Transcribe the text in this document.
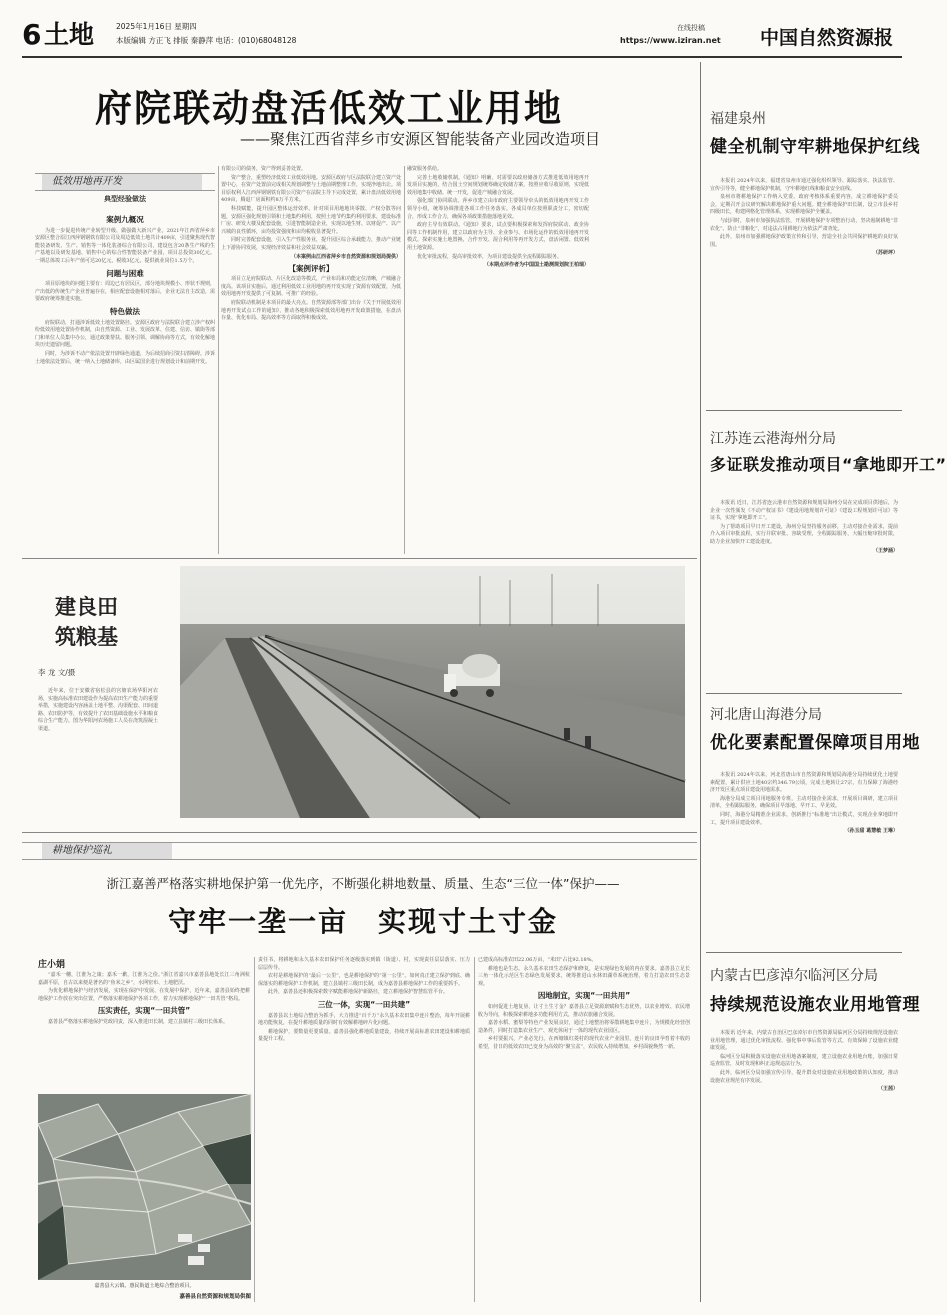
6 土地	2025年1月16日 星期四
本版编辑 方正飞 排版 秦静萍 电话：(010)68048128
在线投稿
https://www.iziran.net 中国自然资源报
府院联动盘活低效工业用地
——聚焦江西省萍乡市安源区智能装备产业园改造项目
低效用地再开发
典型经验做法
案例九概况

为进一步促进传统产业转型升级、做强做大新兴产业，2021年江西省萍乡市安源区整合原江西萍钢钢铁有限公司及周边低效土地共计409亩，引进聚焦现代智能装备研发、生产、销售等一体化装备综合有限公司，建设包含20条生产线的生产基地以及研发基地、销售中心的综合性智能装备产业园，项目总投资30亿元。一期总体竣工后年产值可达20亿元，税收3亿元，提供就业岗位1.5万个。

问题与困难

项目原地块的问题主要有：周边已有居民区，部分地块规模小、形状不规则，产出低的传统生产企业普遍存在，相应配套设施相对落后，企业无法自主改造，需要政府统筹推进实施。

特色做法

府院联动，打通涉诉低效土地处置路径。安源区政府与法院联合建立涉产权纠纷低效用地处置协作机制，由自然资源、工业、发展改革、住建、信访、镇街等部门和单位人员集中办公，通过政策帮扶、服务引领、调解协商等方式，有效化解地块历史遗留问题。

同时，为涉诉不动产依法处置开辟绿色通道，为后续招商引资扫清障碍。涉诉土地依法处置后，统一纳入土地储备库，由区属国企进行规划设计和前期开发。

有限公司的债务，资产得到妥善处置。

资产整合，重塑经济低效工业低效用地。安源区政府与区法院联合建立资产处置中心，在资产处置前完成相关规划调整与土地前期整理工作，实现净地出让。项目原权利人江西萍钢钢铁有限公司资产在法院主导下完成处置，累计盘活低效用地409亩，腾退厂房面积约8万平方米。

科技赋能，提升园区整体运营效率。针对项目用地地块零散、产权分散等问题，安源区强化规划引领和土地集约利用，按照土地节约集约利用要求，建设标准厂房、研发大楼及配套设施，引进智能制造企业，实现以地生财、以财促产、以产兴城的良性循环，亩均投资强度和亩均税收显著提升。

同时完善配套设施，引入生产性服务业，提升园区综合承载能力，推动产业链上下游协同发展，实现经济效益和社会效益双赢。

（本案例由江西省萍乡市自然资源和规划局提供）
【案例评析】

项目立足府院联动、片区化改造等模式，产业布局和功能定位清晰，产城融合度高。该项目实施后，通过利用低效工业用地的再开发实现了资源有效配置，为低效用地再开发提供了可复制、可推广的经验。

府院联动机制是本项目的最大亮点。自然资源部等部门出台《关于开展低效用地再开发试点工作的通知》，推动各地积极探索低效用地再开发政策措施，在盘活存量、优化布局、提高效率等方面取得积极成效。

融资服务供给。

完善土地收储机制。《通知》明确，对需要以政府储备方式推进低效用地再开发项目实施的，结合国土空间规划统筹确定收储方案，按照应收尽收原则，实现低效用地集中收储、统一开发，促进产城融合发展。

强化部门协同联动。萍乡市建立由市政府主要领导牵头的低效用地再开发工作领导小组，统筹协调推进各项工作任务落实。各成员单位按照职责分工，密切配合，形成工作合力，确保各项政策措施落地见效。

政府主导有效联动。《通知》要求，试点要积极探索和发挥府院联动、政企协同等工作机制作用，建立以政府为主导、企业参与、市场化运作的低效用地再开发模式，探索实施土地置换、合作开发、混合利用等再开发方式，盘活闲置、低效利用土地资源。

优化审批流程，提高审批效率，为项目建设提供全流程跟踪服务。

（本期点评作者为中国国土勘测规划院王柏瑞）
建良田
筑粮基
李 龙 文/摄

近年来，位于安徽省宿松县的宫塘农场华阳河农场，实施高标准农田建设作为提高农田生产能力的重要举措，实施建设内容涵盖土地平整、沟渠配套、田间道路、农田防护等，有效提升了农田基础设施水平和粮食综合生产能力。图为华阳河农场施工人员在浇筑混凝土渠道。

耕地保护巡礼
浙江嘉善严格落实耕地保护第一优先序，不断强化耕地数量、质量、生态“三位一体”保护——
守牢一垄一亩　实现寸土寸金
庄小娟

“嘉禾一穗，江淮为之康；嘉禾一歉，江淮为之俭。”浙江省嘉兴市嘉善县地处长江三角洲杭嘉湖平原，自古以来便是著名的“鱼米之乡”，水网密布、土地肥沃。

为优化耕地保护与经济发展，实现在保护中发展、在发展中保护，近年来，嘉善县始终把耕地保护工作放在突出位置，严格落实耕地保护各项工作，着力实现耕地保护“一田共管”格局。

压实责任，实现“一田共管”

嘉善县严格落实耕地保护党政同责，深入推进田长制，建立县镇村三级田长体系。

嘉善县大云镇、惠民街道土地综合整治项目。
嘉善县自然资源和规划局供图

责任书，将耕地和永久基本农田保护任务逐级落实到镇（街道）、村，实现责任层层落实、压力层层传导。

农村是耕地保护的“最后一公里”，也是耕地保护的“第一公里”。如何真正建立保护到底、确保落实的耕地保护工作机制，建立县镇村三级田长制，成为嘉善县耕地保护工作的重要抓手。

此外，嘉善县还积极探索数字赋能耕地保护新路径，建立耕地保护智慧监管平台。

三位一体，实现“一田共建”

嘉善县以土地综合整治为抓手，大力推进“百千万”永久基本农田集中连片整治，每年开展耕地功能恢复，在提升耕地质量的同时有效解耕地碎片化问题。

耕地保护，要数量更要质量。嘉善县强化耕地质量建设，持续开展高标准农田建设和耕地质量提升工程。

已建成高标准农田22.06万亩，“米田”占比92.18%。

耕地也是生态。永久基本农田生态保护和修复，是实现绿色发展的内在要求。嘉善县立足长三角一体化示范区生态绿色发展要求，统筹推进山水林田湖草系统治理，着力打造农田生态景观。

因地制宜，实现“一田共用”

如何促进土地复垦，让寸土生寸金？嘉善县立足资源禀赋和生态优势，以农业增效、农民增收为导向，积极探索耕地多功能利用方式，推动农旅融合发展。

嘉善水稻、蜜梨等特色产业发展良好，通过土地整治将零散耕地集中连片，为规模化经营创造条件，同时打造集农业生产、观光休闲于一体的现代农业园区。

乡村要振兴，产业必先行。在西塘镇红菱村的现代农业产业园里，连片的良田孕育着丰收的希望，昔日的低效农田已变身为高效的“聚宝盆”，农民收入持续增加，乡村面貌焕然一新。

福建泉州
健全机制守牢耕地保护红线

本报讯 2024年以来，福建省泉州市通过强化组织领导、跟踪落实、执法监管、宣传引导等，健全耕地保护机制，守牢耕地红线和粮食安全底线。

泉州市将耕地保护工作纳入党委、政府考核体系重要内容，成立耕地保护委员会，定期召开会议研究解决耕地保护重大问题。健全耕地保护田长制，设立市县乡村四级田长，构建网格化管理体系，实现耕地保护全覆盖。

与此同时，泉州市加强执法监管，开展耕地保护专项整治行动，坚决遏制耕地“非农化”、防止“非粮化”，对违法占用耕地行为依法严肃查处。

此外，泉州市加强耕地保护政策宣传和引导，营造全社会共同保护耕地的良好氛围。

（苏研坪）
江苏连云港海州分局
多证联发推动项目“拿地即开工”

本报讯 近日，江苏省连云港市自然资源和规划局海州分局在完成项目供地后，为企业一次性颁发《不动产权证书》《建设用地规划许可证》《建设工程规划许可证》等证书，实现“拿地即开工”。

为了帮助项目早日开工建设，海州分局坚持服务前移，主动对接企业需求，提前介入项目审批流程，实行并联审批、容缺受理，全程跟踪服务，大幅压缩审批时限，助力企业加快开工建设进度。

（王梦涵）
河北唐山海港分局
优化要素配置保障项目用地

本报讯 2024年以来，河北省唐山市自然资源和规划局海港分局持续优化土地要素配置，累计供应土地40宗约346.79公顷，完成土地转让27宗，有力保障了海港经济开发区重点项目建设用地需求。

海港分局成立项目用地服务专班，主动对接企业需求，开展项目调研，建立项目清单，全程跟踪服务，确保项目早落地、早开工、早见效。

同时，海港分局精准企业需求，创新推行“标准地”出让模式，实现企业拿地即开工，提升项目建设效率。

（孙玉甜 葛慧敏 王琳）
内蒙古巴彦淖尔临河区分局
持续规范设施农业用地管理

本报讯 近年来，内蒙古自治区巴彦淖尔市自然资源局临河区分局持续规范设施农业用地管理，通过优化审批流程、强化事中事后监管等方式，有效保障了设施农业健康发展。

临河区分局积极落实设施农业用地备案制度，建立设施农业用地台账，加强日常巡查监管，及时发现和纠正违规违法行为。

此外，临河区分局加强宣传引导，提升群众对设施农业用地政策的认知度，推动设施农业规范有序发展。

（王茜）
